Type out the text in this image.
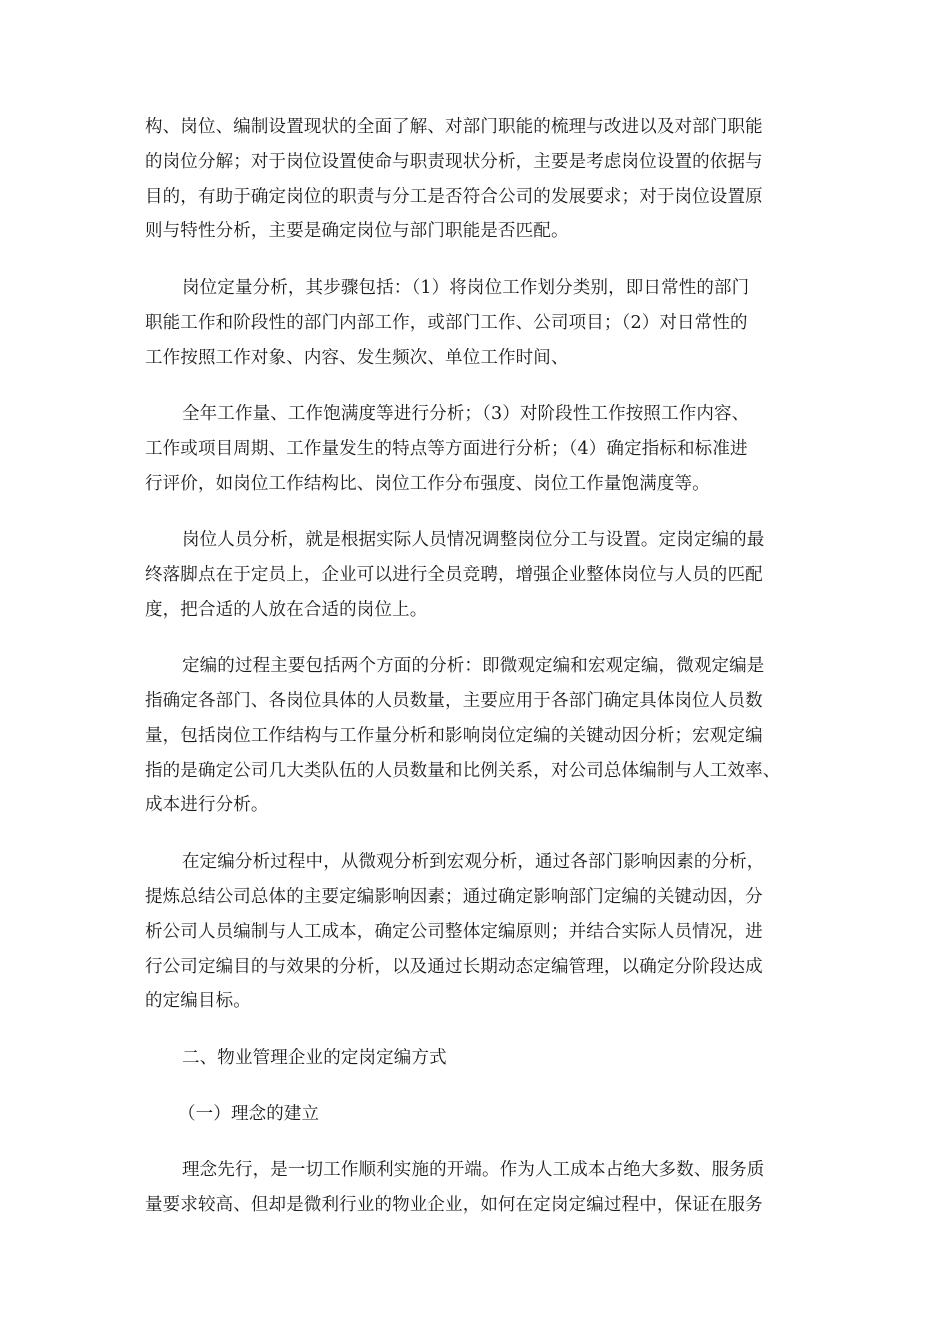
构、岗位、编制设置现状的全面了解、对部门职能的梳理与改进以及对部门职能
的岗位分解；对于岗位设置使命与职责现状分析，主要是考虑岗位设置的依据与
目的，有助于确定岗位的职责与分工是否符合公司的发展要求；对于岗位设置原
则与特性分析，主要是确定岗位与部门职能是否匹配。
岗位定量分析，其步骤包括：（1）将岗位工作划分类别，即日常性的部门
职能工作和阶段性的部门内部工作，或部门工作、公司项目；（2）对日常性的
工作按照工作对象、内容、发生频次、单位工作时间、
全年工作量、工作饱满度等进行分析；（3）对阶段性工作按照工作内容、
工作或项目周期、工作量发生的特点等方面进行分析；（4）确定指标和标准进
行评价，如岗位工作结构比、岗位工作分布强度、岗位工作量饱满度等。
岗位人员分析，就是根据实际人员情况调整岗位分工与设置。定岗定编的最
终落脚点在于定员上，企业可以进行全员竞聘，增强企业整体岗位与人员的匹配
度，把合适的人放在合适的岗位上。
定编的过程主要包括两个方面的分析：即微观定编和宏观定编，微观定编是
指确定各部门、各岗位具体的人员数量，主要应用于各部门确定具体岗位人员数
量，包括岗位工作结构与工作量分析和影响岗位定编的关键动因分析；宏观定编
指的是确定公司几大类队伍的人员数量和比例关系，对公司总体编制与人工效率、
成本进行分析。
在定编分析过程中，从微观分析到宏观分析，通过各部门影响因素的分析，
提炼总结公司总体的主要定编影响因素；通过确定影响部门定编的关键动因，分
析公司人员编制与人工成本，确定公司整体定编原则；并结合实际人员情况，进
行公司定编目的与效果的分析，以及通过长期动态定编管理，以确定分阶段达成
的定编目标。
二、物业管理企业的定岗定编方式
（一）理念的建立
理念先行，是一切工作顺利实施的开端。作为人工成本占绝大多数、服务质
量要求较高、但却是微利行业的物业企业，如何在定岗定编过程中，保证在服务
